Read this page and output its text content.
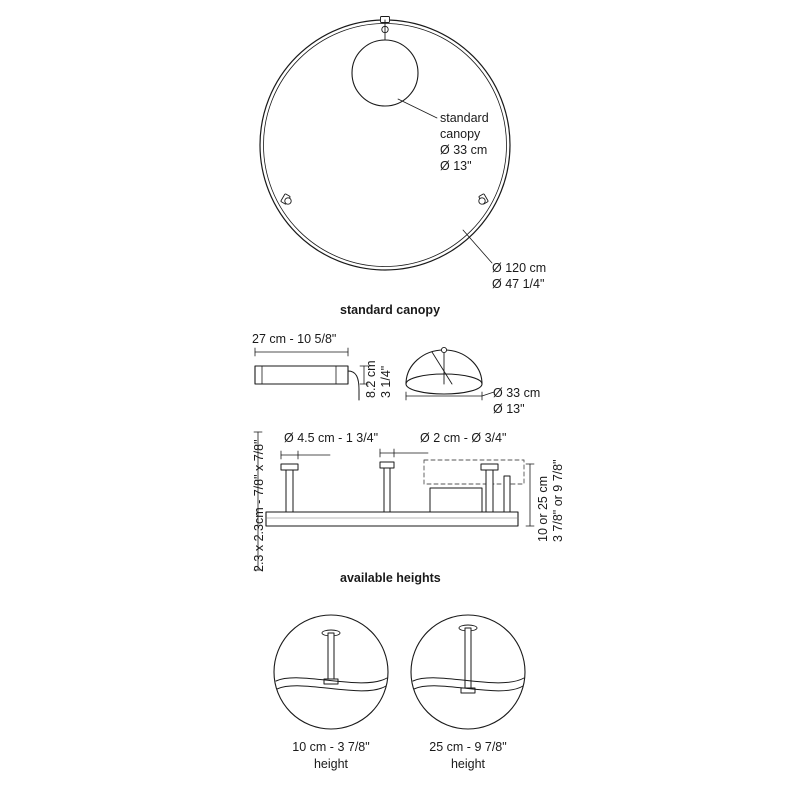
standard
canopy
Ø 33 cm
Ø 13"
Ø 120 cm
Ø 47 1/4"
standard canopy
27 cm - 10 5/8"
8.2 cm 3 1/4"	Ø 33 cm
Ø 13"
Ø 4.5 cm - 1 3/4"	Ø 2 cm - Ø 3/4"
2.3 x 2.3cm - 7/8" x 7/8"	10 or 25 cm 3 7/8" or 9 7/8"
available heights
10 cm - 3 7/8"
height
25 cm - 9 7/8"
height
